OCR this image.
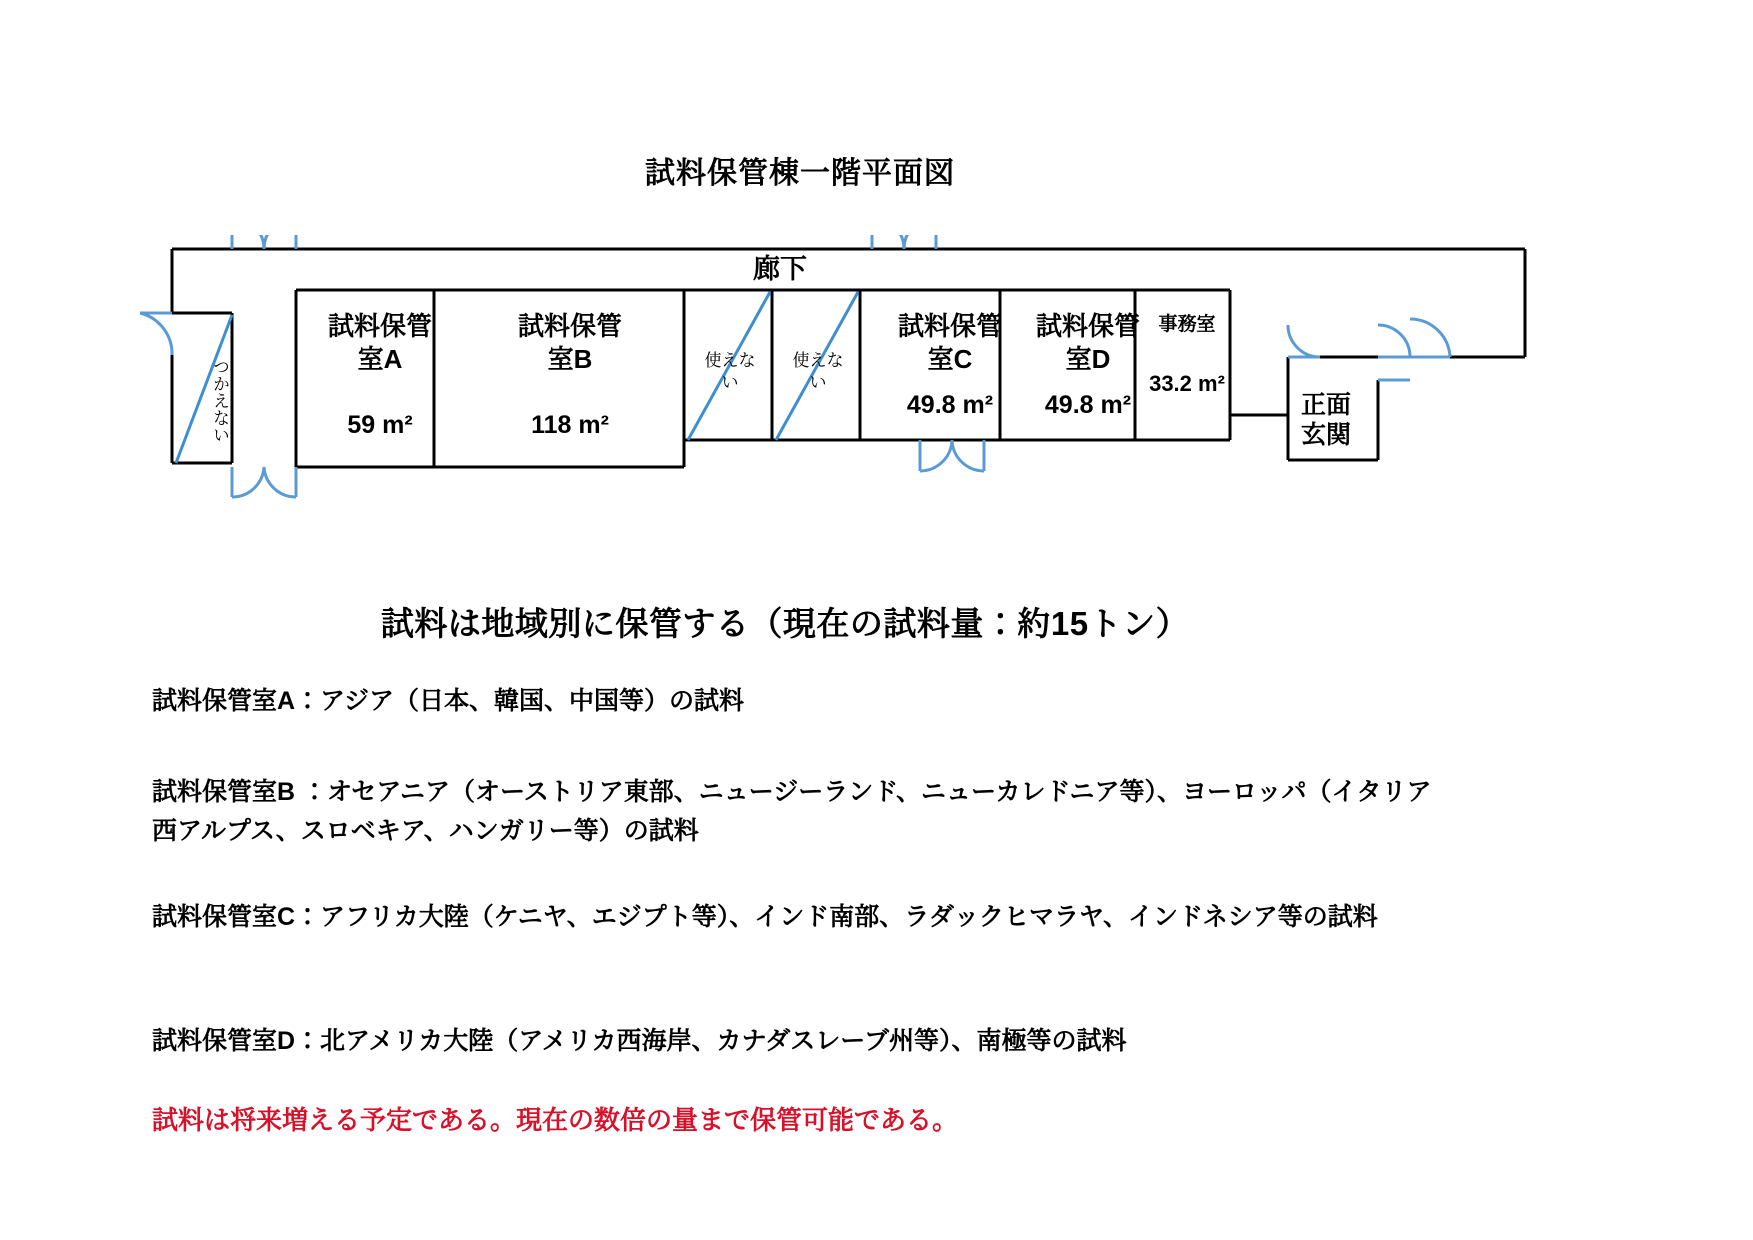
試料保管棟一階平面図
廊下
つかえない
試料保管
室A
59 m²
試料保管
室B
118 m²
使えない
使えない
試料保管
室C
49.8 m²
試料保管
室D
49.8 m²
事務室
33.2 m²
正面
玄関
試料は地域別に保管する（現在の試料量：約15トン）
試料保管室A：アジア（日本、韓国、中国等）の試料
試料保管室B ：オセアニア（オーストリア東部、ニュージーランド、ニューカレドニア等）、ヨーロッパ（イタリア西アルプス、スロベキア、ハンガリー等）の試料
試料保管室C：アフリカ大陸（ケニヤ、エジプト等）、インド南部、ラダックヒマラヤ、インドネシア等の試料
試料保管室D：北アメリカ大陸（アメリカ西海岸、カナダスレーブ州等）、南極等の試料
試料は将来増える予定である。現在の数倍の量まで保管可能である。
